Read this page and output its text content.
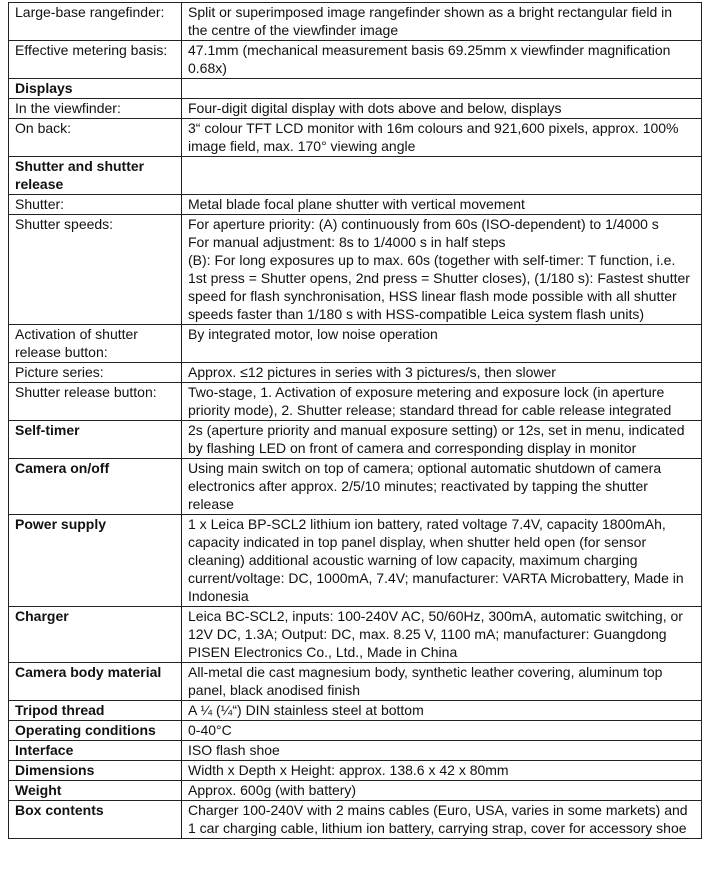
Large-base rangefinder:	Split or superimposed image rangefinder shown as a bright rectangular field in the centre of the viewfinder image
Effective metering basis:	47.1mm (mechanical measurement basis 69.25mm x viewfinder magnification 0.68x)
Displays	
In the viewfinder:	Four-digit digital display with dots above and below, displays
On back:	3“ colour TFT LCD monitor with 16m colours and 921,600 pixels, approx. 100% image field, max. 170° viewing angle
Shutter and shutter release	
Shutter:	Metal blade focal plane shutter with vertical movement
Shutter speeds:	For aperture priority: (A) continuously from 60s (ISO-dependent) to 1/4000 s
For manual adjustment: 8s to 1/4000 s in half steps
(B): For long exposures up to max. 60s (together with self-timer: T function, i.e. 1st press = Shutter opens, 2nd press = Shutter closes), (1/180 s): Fastest shutter speed for flash synchronisation, HSS linear flash mode possible with all shutter speeds faster than 1/180 s with HSS-compatible Leica system flash units)
Activation of shutter release button:	By integrated motor, low noise operation
Picture series:	Approx. ≤12 pictures in series with 3 pictures/s, then slower
Shutter release button:	Two-stage, 1. Activation of exposure metering and exposure lock (in aperture priority mode), 2. Shutter release; standard thread for cable release integrated
Self-timer	2s (aperture priority and manual exposure setting) or 12s, set in menu, indicated by flashing LED on front of camera and corresponding display in monitor
Camera on/off	Using main switch on top of camera; optional automatic shutdown of camera electronics after approx. 2/5/10 minutes; reactivated by tapping the shutter release
Power supply	1 x Leica BP-SCL2 lithium ion battery, rated voltage 7.4V, capacity 1800mAh, capacity indicated in top panel display, when shutter held open (for sensor cleaning) additional acoustic warning of low capacity, maximum charging current/voltage: DC, 1000mA, 7.4V; manufacturer: VARTA Microbattery, Made in Indonesia
Charger	Leica BC-SCL2, inputs: 100-240V AC, 50/60Hz, 300mA, automatic switching, or 12V DC, 1.3A; Output: DC, max. 8.25 V, 1100 mA; manufacturer: Guangdong PISEN Electronics Co., Ltd., Made in China
Camera body material	All-metal die cast magnesium body, synthetic leather covering, aluminum top panel, black anodised finish
Tripod thread	A ¼ (¼“) DIN stainless steel at bottom
Operating conditions	0-40°C
Interface	ISO flash shoe
Dimensions	Width x Depth x Height: approx. 138.6 x 42 x 80mm
Weight	Approx. 600g (with battery)
Box contents	Charger 100-240V with 2 mains cables (Euro, USA, varies in some markets) and 1 car charging cable, lithium ion battery, carrying strap, cover for accessory shoe
